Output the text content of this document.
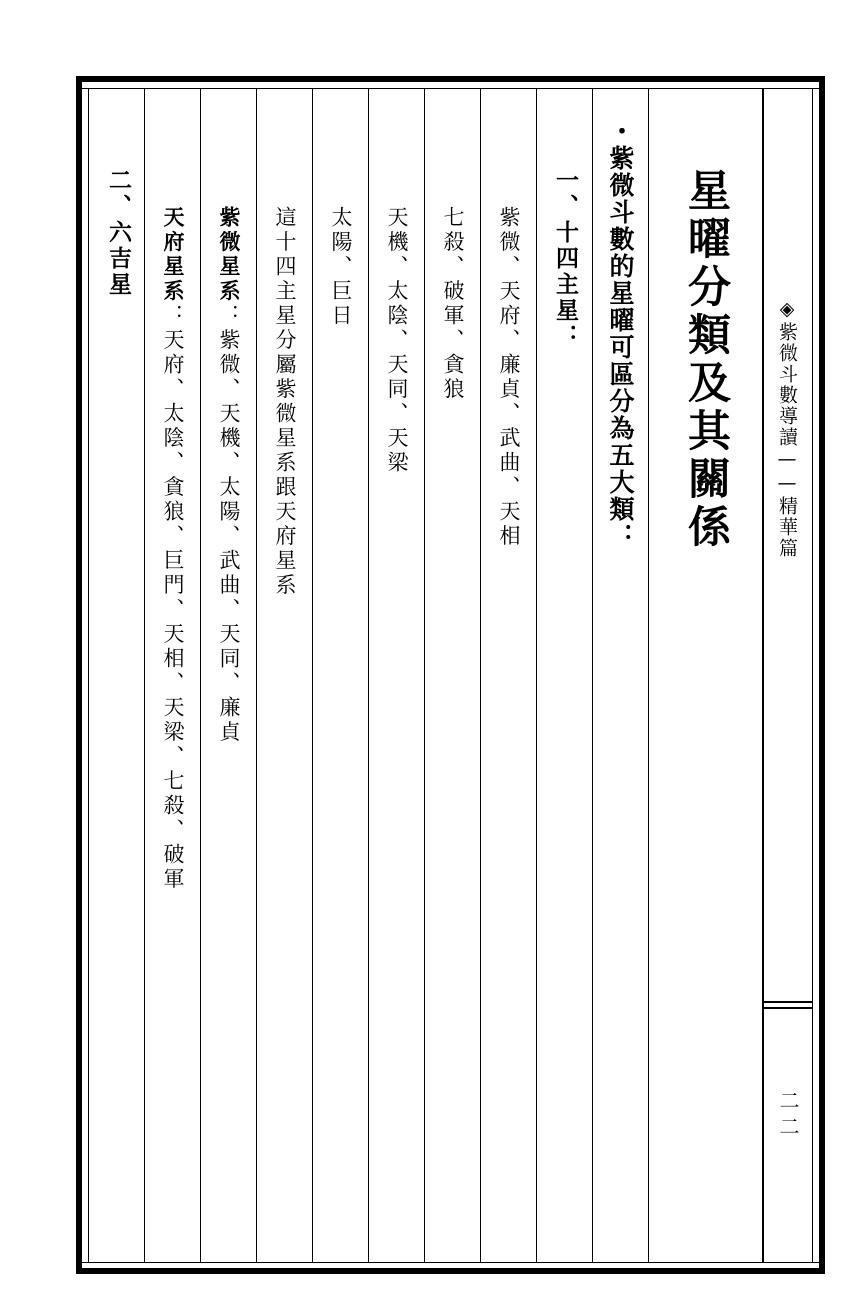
◈紫微斗數導讀——精華篇
二二
星曜分類及其關係
・紫微斗數的星曜可區分為五大類：
一、十四主星：
紫微、天府、廉貞、武曲、天相
七殺、破軍、貪狼
天機、太陰、天同、天梁
太陽、巨日
這十四主星分屬紫微星系跟天府星系
紫微星系：紫微、天機、太陽、武曲、天同、廉貞
天府星系：天府、太陰、貪狼、巨門、天相、天梁、七殺、破軍
二、六吉星
